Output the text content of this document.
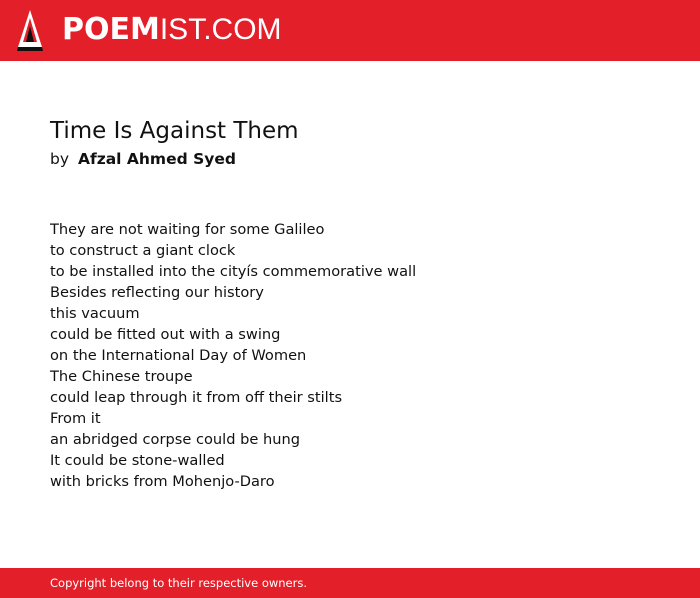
POEMIST.COM
Time Is Against Them
by Afzal Ahmed Syed
They are not waiting for some Galileo
to construct a giant clock
to be installed into the cityís commemorative wall
Besides reflecting our history
this vacuum
could be fitted out with a swing
on the International Day of Women
The Chinese troupe
could leap through it from off their stilts
From it
an abridged corpse could be hung
It could be stone-walled
with bricks from Mohenjo-Daro
Copyright belong to their respective owners.
